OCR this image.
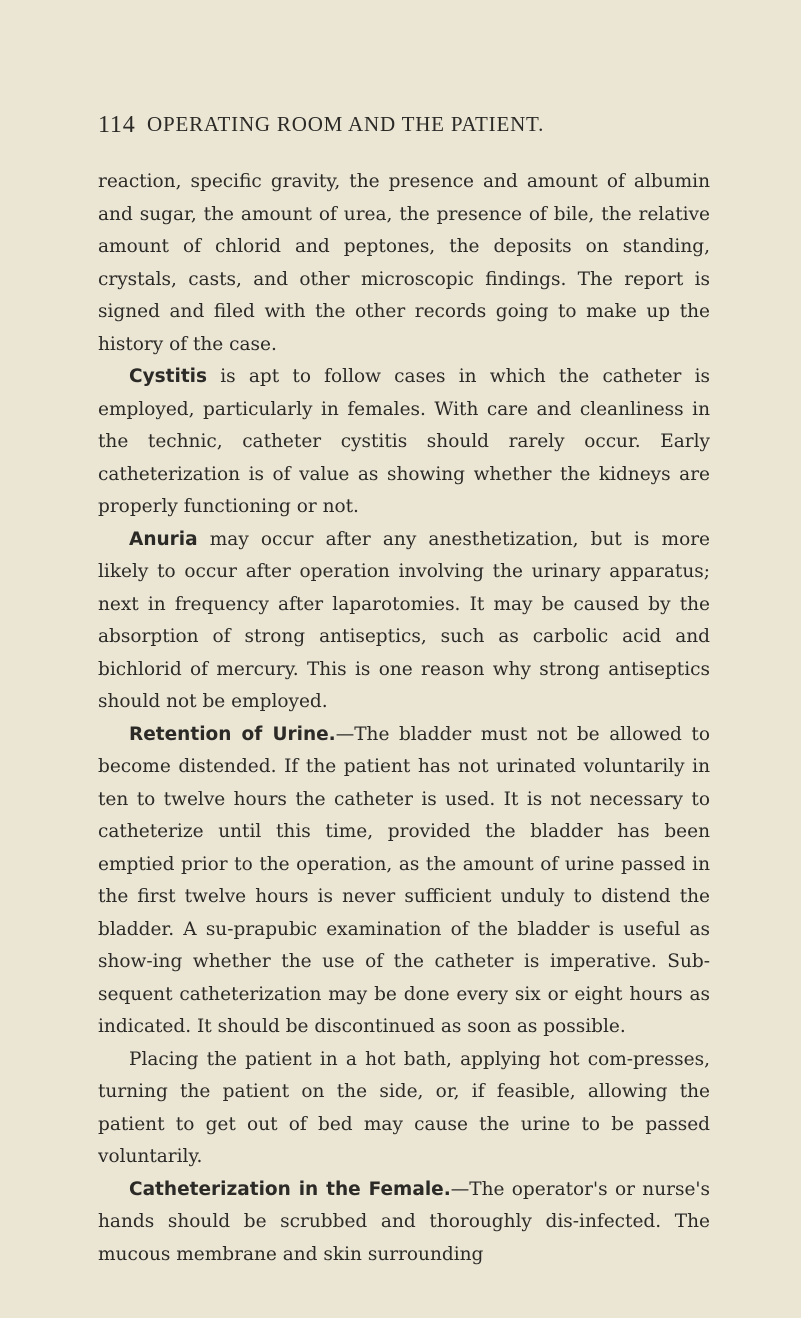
114 OPERATING ROOM AND THE PATIENT.

reaction, specific gravity, the presence and amount of albumin and sugar, the amount of urea, the presence of bile, the relative amount of chlorid and peptones, the deposits on standing, crystals, casts, and other microscopic findings. The report is signed and filed with the other records going to make up the history of the case.

Cystitis is apt to follow cases in which the catheter is employed, particularly in females. With care and cleanliness in the technic, catheter cystitis should rarely occur. Early catheterization is of value as showing whether the kidneys are properly functioning or not.

Anuria may occur after any anesthetization, but is more likely to occur after operation involving the urinary apparatus; next in frequency after laparotomies. It may be caused by the absorption of strong antiseptics, such as carbolic acid and bichlorid of mercury. This is one reason why strong antiseptics should not be employed.

Retention of Urine.—The bladder must not be allowed to become distended. If the patient has not urinated voluntarily in ten to twelve hours the catheter is used. It is not necessary to catheterize until this time, provided the bladder has been emptied prior to the operation, as the amount of urine passed in the first twelve hours is never sufficient unduly to distend the bladder. A su-prapubic examination of the bladder is useful as show-ing whether the use of the catheter is imperative. Sub-sequent catheterization may be done every six or eight hours as indicated. It should be discontinued as soon as possible.

Placing the patient in a hot bath, applying hot com-presses, turning the patient on the side, or, if feasible, allowing the patient to get out of bed may cause the urine to be passed voluntarily.

Catheterization in the Female.—The operator's or nurse's hands should be scrubbed and thoroughly dis-infected. The mucous membrane and skin surrounding
